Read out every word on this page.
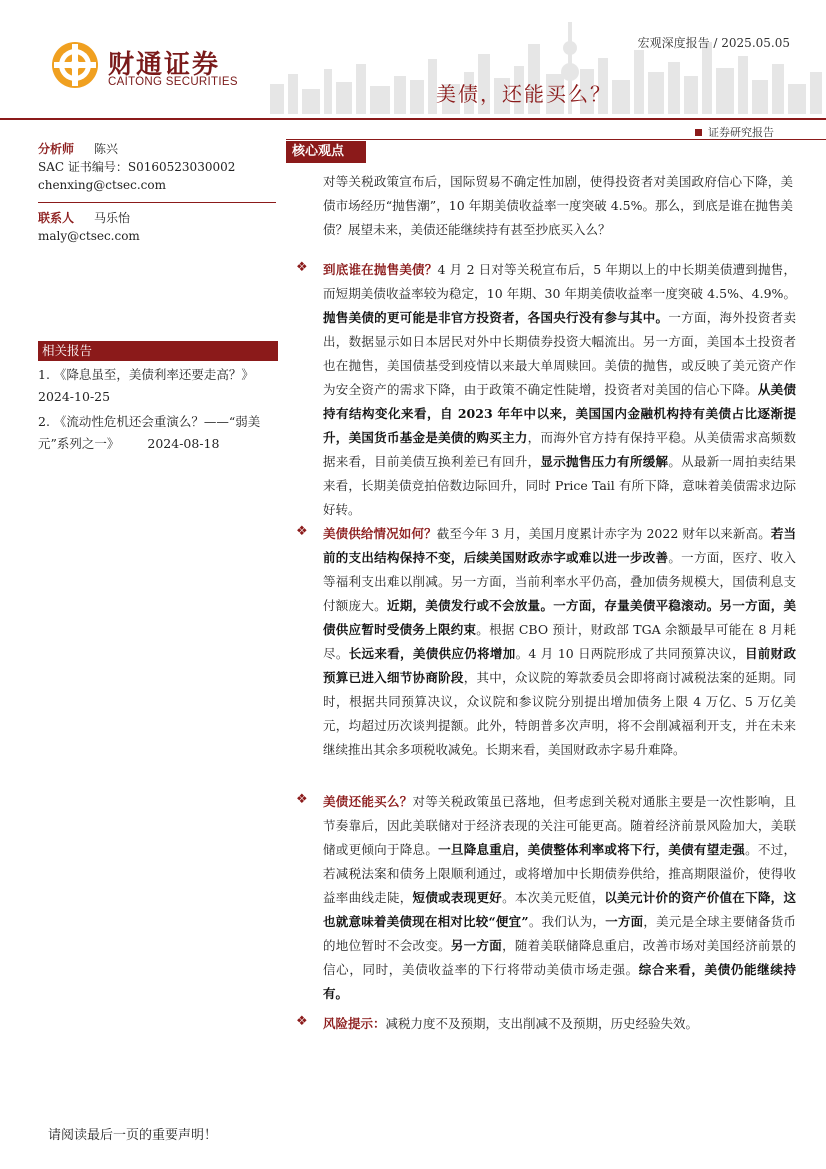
财通证券
CAITONG SECURITIES
宏观深度报告 / 2025.05.05
美债，还能买么？
证券研究报告
分析师 陈兴
SAC 证书编号：S0160523030002
chenxing@ctsec.com
联系人 马乐怡
maly@ctsec.com
相关报告
1. 《降息虽至，美债利率还要走高？》
2024-10-25
2. 《流动性危机还会重演么？——“弱美元”系列之一》 2024-08-18
核心观点
对等关税政策宣布后，国际贸易不确定性加剧，使得投资者对美国政府信心下降，美债市场经历“抛售潮”，10 年期美债收益率一度突破 4.5%。那么，到底是谁在抛售美债？展望未来，美债还能继续持有甚至抄底买入么？
❖	到底谁在抛售美债？4 月 2 日对等关税宣布后，5 年期以上的中长期美债遭到抛售，而短期美债收益率较为稳定，10 年期、30 年期美债收益率一度突破 4.5%、4.9%。抛售美债的更可能是非官方投资者，各国央行没有参与其中。一方面，海外投资者卖出，数据显示如日本居民对外中长期债券投资大幅流出。另一方面，美国本土投资者也在抛售，美国债基受到疫情以来最大单周赎回。美债的抛售，或反映了美元资产作为安全资产的需求下降，由于政策不确定性陡增，投资者对美国的信心下降。从美债持有结构变化来看，自 2023 年年中以来，美国国内金融机构持有美债占比逐渐提升，美国货币基金是美债的购买主力，而海外官方持有保持平稳。从美债需求高频数据来看，目前美债互换利差已有回升，显示抛售压力有所缓解。从最新一周拍卖结果来看，长期美债竞拍倍数边际回升，同时 Price Tail 有所下降，意味着美债需求边际好转。
❖	美债供给情况如何？截至今年 3 月，美国月度累计赤字为 2022 财年以来新高。若当前的支出结构保持不变，后续美国财政赤字或难以进一步改善。一方面，医疗、收入等福利支出难以削减。另一方面，当前利率水平仍高，叠加债务规模大，国债利息支付额庞大。近期，美债发行或不会放量。一方面，存量美债平稳滚动。另一方面，美债供应暂时受债务上限约束。根据 CBO 预计，财政部 TGA 余额最早可能在 8 月耗尽。长远来看，美债供应仍将增加。4 月 10 日两院形成了共同预算决议，目前财政预算已进入细节协商阶段，其中，众议院的筹款委员会即将商讨减税法案的延期。同时，根据共同预算决议，众议院和参议院分别提出增加债务上限 4 万亿、5 万亿美元，均超过历次谈判提额。此外，特朗普多次声明，将不会削减福利开支，并在未来继续推出其余多项税收减免。长期来看，美国财政赤字易升难降。
❖	美债还能买么？对等关税政策虽已落地，但考虑到关税对通胀主要是一次性影响，且节奏靠后，因此美联储对于经济表现的关注可能更高。随着经济前景风险加大，美联储或更倾向于降息。一旦降息重启，美债整体利率或将下行，美债有望走强。不过，若减税法案和债务上限顺利通过，或将增加中长期债券供给，推高期限溢价，使得收益率曲线走陡，短债或表现更好。本次美元贬值，以美元计价的资产价值在下降，这也就意味着美债现在相对比较“便宜”。我们认为，一方面，美元是全球主要储备货币的地位暂时不会改变。另一方面，随着美联储降息重启，改善市场对美国经济前景的信心，同时，美债收益率的下行将带动美债市场走强。综合来看，美债仍能继续持有。
❖	风险提示：减税力度不及预期，支出削减不及预期，历史经验失效。
请阅读最后一页的重要声明！
